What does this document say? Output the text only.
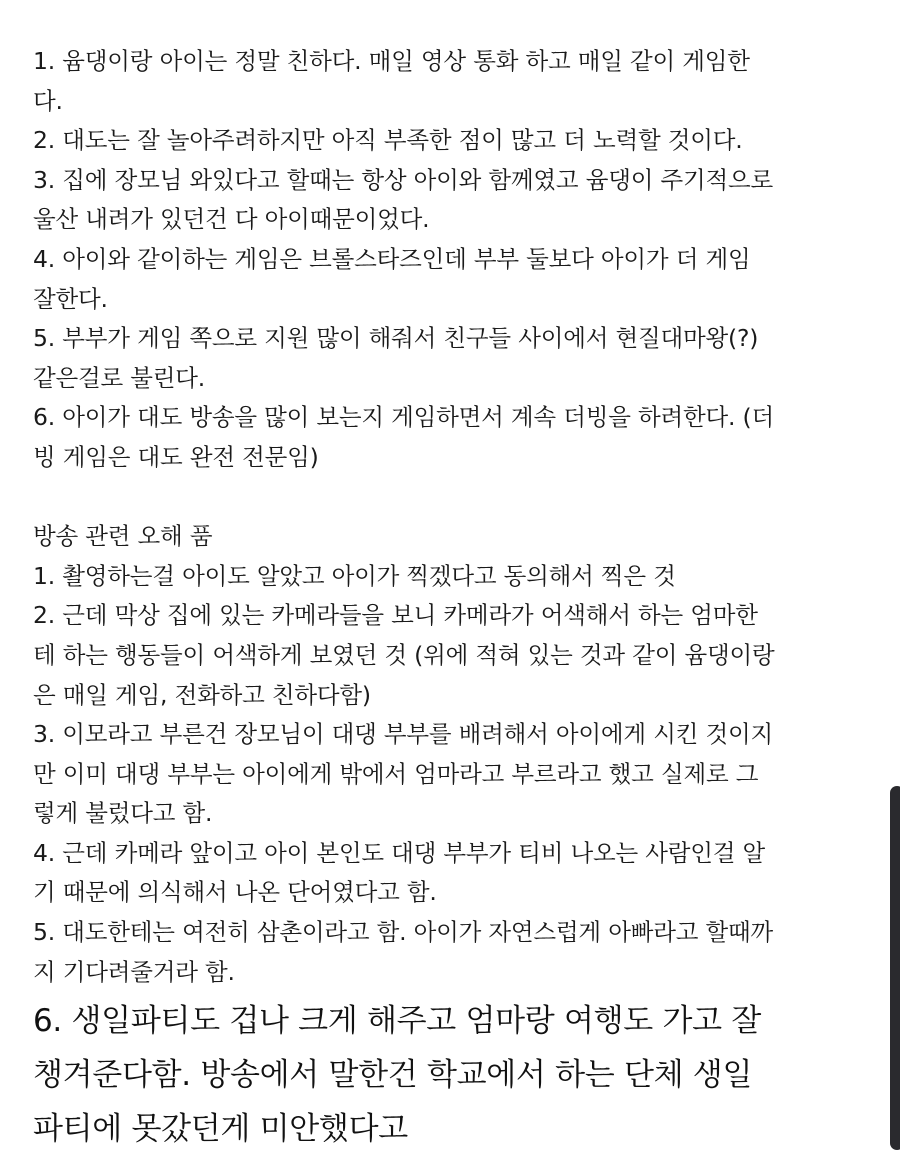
1. 윰댕이랑 아이는 정말 친하다. 매일 영상 통화 하고 매일 같이 게임한
다.
2. 대도는 잘 놀아주려하지만 아직 부족한 점이 많고 더 노력할 것이다.
3. 집에 장모님 와있다고 할때는 항상 아이와 함께였고 윰댕이 주기적으로
울산 내려가 있던건 다 아이때문이었다.
4. 아이와 같이하는 게임은 브롤스타즈인데 부부 둘보다 아이가 더 게임
잘한다.
5. 부부가 게임 쪽으로 지원 많이 해줘서 친구들 사이에서 현질대마왕(?)
같은걸로 불린다.
6. 아이가 대도 방송을 많이 보는지 게임하면서 계속 더빙을 하려한다. (더
빙 게임은 대도 완전 전문임)
방송 관련 오해 품
1. 촬영하는걸 아이도 알았고 아이가 찍겠다고 동의해서 찍은 것
2. 근데 막상 집에 있는 카메라들을 보니 카메라가 어색해서 하는 엄마한
테 하는 행동들이 어색하게 보였던 것 (위에 적혀 있는 것과 같이 윰댕이랑
은 매일 게임, 전화하고 친하다함)
3. 이모라고 부른건 장모님이 대댕 부부를 배려해서 아이에게 시킨 것이지
만 이미 대댕 부부는 아이에게 밖에서 엄마라고 부르라고 했고 실제로 그
렇게 불렀다고 함.
4. 근데 카메라 앞이고 아이 본인도 대댕 부부가 티비 나오는 사람인걸 알
기 때문에 의식해서 나온 단어였다고 함.
5. 대도한테는 여전히 삼촌이라고 함. 아이가 자연스럽게 아빠라고 할때까
지 기다려줄거라 함.
6. 생일파티도 겁나 크게 해주고 엄마랑 여행도 가고 잘
챙겨준다함. 방송에서 말한건 학교에서 하는 단체 생일
파티에 못갔던게 미안했다고
